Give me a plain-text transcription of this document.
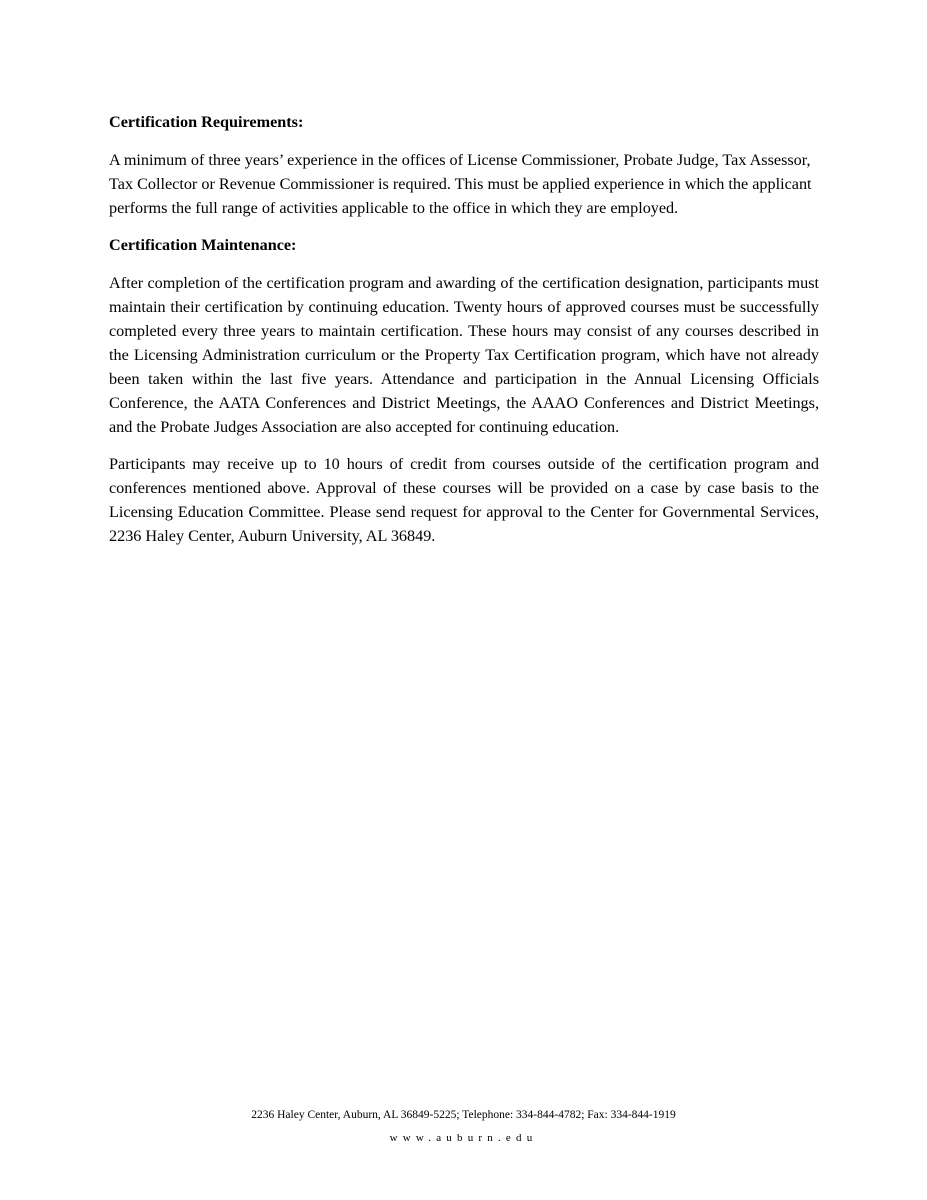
Certification Requirements:
A minimum of three years’ experience in the offices of License Commissioner, Probate Judge, Tax Assessor, Tax Collector or Revenue Commissioner is required. This must be applied experience in which the applicant performs the full range of activities applicable to the office in which they are employed.
Certification Maintenance:
After completion of the certification program and awarding of the certification designation, participants must maintain their certification by continuing education. Twenty hours of approved courses must be successfully completed every three years to maintain certification. These hours may consist of any courses described in the Licensing Administration curriculum or the Property Tax Certification program, which have not already been taken within the last five years. Attendance and participation in the Annual Licensing Officials Conference, the AATA Conferences and District Meetings, the AAAO Conferences and District Meetings, and the Probate Judges Association are also accepted for continuing education.
Participants may receive up to 10 hours of credit from courses outside of the certification program and conferences mentioned above. Approval of these courses will be provided on a case by case basis to the Licensing Education Committee. Please send request for approval to the Center for Governmental Services, 2236 Haley Center, Auburn University, AL 36849.
2236 Haley Center, Auburn, AL 36849-5225; Telephone: 334-844-4782; Fax: 334-844-1919
www.auburn.edu
